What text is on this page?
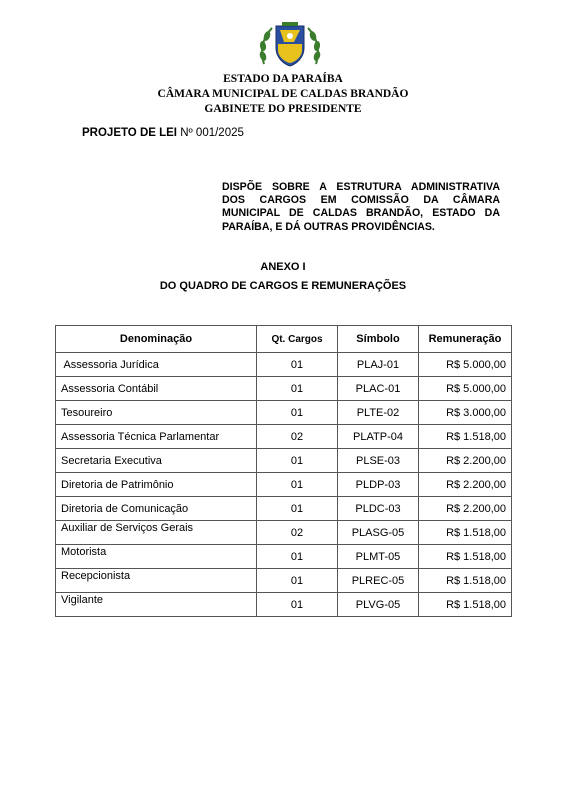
ESTADO DA PARAÍBA
CÂMARA MUNICIPAL DE CALDAS BRANDÃO
GABINETE DO PRESIDENTE
PROJETO DE LEI Nº 001/2025
DISPÕE SOBRE A ESTRUTURA ADMINISTRATIVA
DOS CARGOS EM COMISSÃO DA CÂMARA
MUNICIPAL DE CALDAS BRANDÃO, ESTADO DA
PARAÍBA, E DÁ OUTRAS PROVIDÊNCIAS.
ANEXO I
DO QUADRO DE CARGOS E REMUNERAÇÕES
Denominação	Qt. Cargos	Símbolo	Remuneração
Assessoria Jurídica	01	PLAJ-01	R$ 5.000,00
Assessoria Contábil	01	PLAC-01	R$ 5.000,00
Tesoureiro	01	PLTE-02	R$ 3.000,00
Assessoria Técnica Parlamentar	02	PLATP-04	R$ 1.518,00
Secretaria Executiva	01	PLSE-03	R$ 2.200,00
Diretoria de Patrimônio	01	PLDP-03	R$ 2.200,00
Diretoria de Comunicação	01	PLDC-03	R$ 2.200,00
Auxiliar de Serviços Gerais	02	PLASG-05	R$ 1.518,00
Motorista	01	PLMT-05	R$ 1.518,00
Recepcionista	01	PLREC-05	R$ 1.518,00
Vigilante	01	PLVG-05	R$ 1.518,00
